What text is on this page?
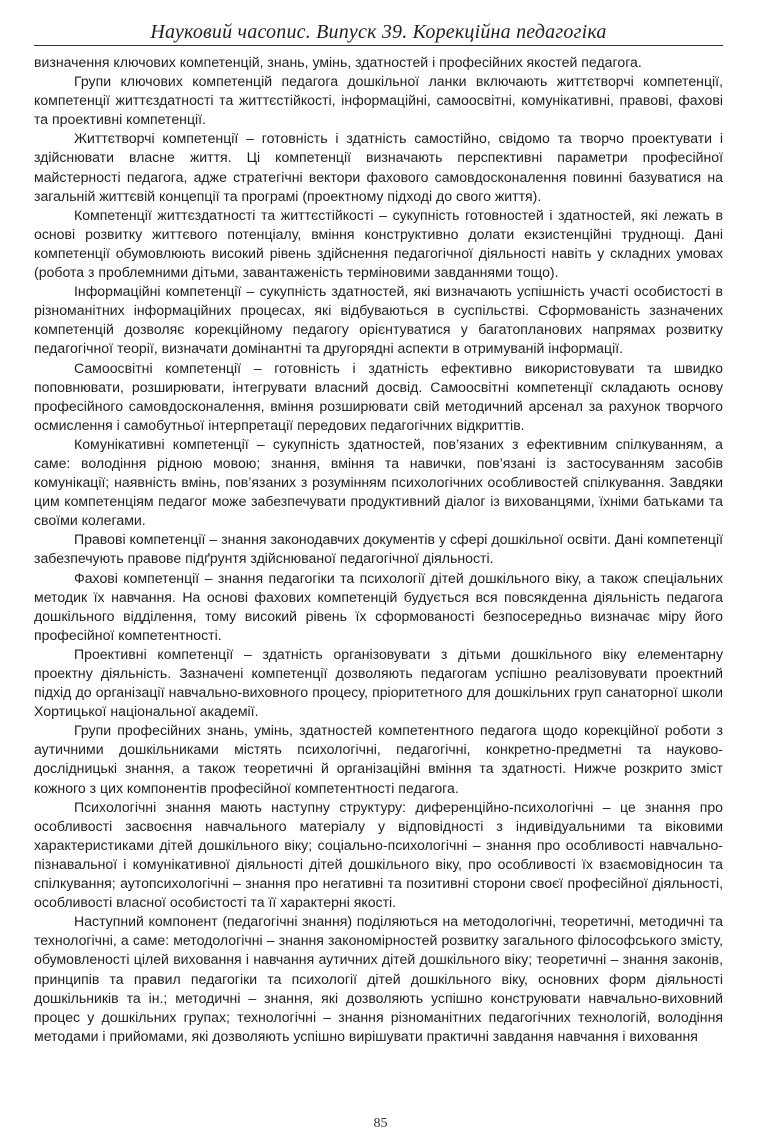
Науковий часопис. Випуск 39. Корекційна педагогіка

визначення ключових компетенцій, знань, умінь, здатностей і професійних якостей педагога.

Групи ключових компетенцій педагога дошкільної ланки включають життєтворчі компетенції, компетенції життєздатності та життєстійкості, інформаційні, самоосвітні, комунікативні, правові, фахові та проективні компетенції.

Життєтворчі компетенції – готовність і здатність самостійно, свідомо та творчо проектувати і здійснювати власне життя. Ці компетенції визначають перспективні параметри професійної майстерності педагога, адже стратегічні вектори фахового самовдосконалення повинні базуватися на загальній життєвій концепції та програмі (проектному підході до свого життя).

Компетенції життєздатності та життєстійкості – сукупність готовностей і здатностей, які лежать в основі розвитку життєвого потенціалу, вміння конструктивно долати екзистенційні труднощі. Дані компетенції обумовлюють високий рівень здійснення педагогічної діяльності навіть у складних умовах (робота з проблемними дітьми, завантаженість терміновими завданнями тощо).

Інформаційні компетенції – сукупність здатностей, які визначають успішність участі особистості в різноманітних інформаційних процесах, які відбуваються в суспільстві. Сформованість зазначених компетенцій дозволяє корекційному педагогу орієнтуватися у багатопланових напрямах розвитку педагогічної теорії, визначати домінантні та другорядні аспекти в отримуваній інформації.

Самоосвітні компетенції – готовність і здатність ефективно використовувати та швидко поповнювати, розширювати, інтегрувати власний досвід. Самоосвітні компетенції складають основу професійного самовдосконалення, вміння розширювати свій методичний арсенал за рахунок творчого осмислення і самобутньої інтерпретації передових педагогічних відкриттів.

Комунікативні компетенції – сукупність здатностей, пов’язаних з ефективним спілкуванням, а саме: володіння рідною мовою; знання, вміння та навички, пов’язані із застосуванням засобів комунікації; наявність вмінь, пов’язаних з розумінням психологічних особливостей спілкування. Завдяки цим компетенціям педагог може забезпечувати продуктивний діалог із вихованцями, їхніми батьками та своїми колегами.

Правові компетенції – знання законодавчих документів у сфері дошкільної освіти. Дані компетенції забезпечують правове підґрунтя здійснюваної педагогічної діяльності.

Фахові компетенції – знання педагогіки та психології дітей дошкільного віку, а також спеціальних методик їх навчання. На основі фахових компетенцій будується вся повсякденна діяльність педагога дошкільного відділення, тому високий рівень їх сформованості безпосередньо визначає міру його професійної компетентності.

Проективні компетенції – здатність організовувати з дітьми дошкільного віку елементарну проектну діяльність. Зазначені компетенції дозволяють педагогам успішно реалізовувати проектний підхід до організації навчально-виховного процесу, пріоритетного для дошкільних груп санаторної школи Хортицької національної академії.

Групи професійних знань, умінь, здатностей компетентного педагога щодо корекційної роботи з аутичними дошкільниками містять психологічні, педагогічні, конкретно-предметні та науково-дослідницькі знання, а також теоретичні й організаційні вміння та здатності. Нижче розкрито зміст кожного з цих компонентів професійної компетентності педагога.

Психологічні знання мають наступну структуру: диференційно-психологічні – це знання про особливості засвоєння навчального матеріалу у відповідності з індивідуальними та віковими характеристиками дітей дошкільного віку; соціально-психологічні – знання про особливості навчально-пізнавальної і комунікативної діяльності дітей дошкільного віку, про особливості їх взаємовідносин та спілкування; аутопсихологічні – знання про негативні та позитивні сторони своєї професійної діяльності, особливості власної особистості та її характерні якості.

Наступний компонент (педагогічні знання) поділяються на методологічні, теоретичні, методичні та технологічні, а саме: методологічні – знання закономірностей розвитку загального філософського змісту, обумовленості цілей виховання і навчання аутичних дітей дошкільного віку; теоретичні – знання законів, принципів та правил педагогіки та психології дітей дошкільного віку, основних форм діяльності дошкільників та ін.; методичні – знання, які дозволяють успішно конструювати навчально-виховний процес у дошкільних групах; технологічні – знання різноманітних педагогічних технологій, володіння методами і прийомами, які дозволяють успішно вирішувати практичні завдання навчання і виховання

85
